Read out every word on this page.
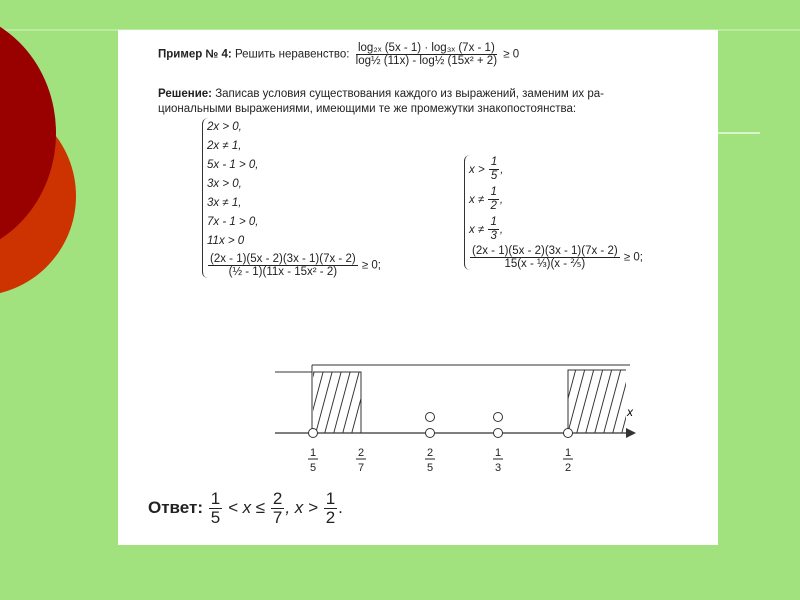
Пример № 4: Решить неравенство: $\frac{\text{log₂ₓ (5x - 1) · log₃ₓ (7x - 1)}}{\text{log½ (11x) - log½ (15x² + 2)}} \ge 0$
Решение: Записав условия существования каждого из выражений, заменим их ра-
циональными выражениями, имеющими те же промежутки знакопостоянства:
2x > 0,
2x ≠ 1,
5x - 1 > 0,
3x > 0,
3x ≠ 1,
7x - 1 > 0,
11x > 0
$\frac{(2x - 1)(5x - 2)(3x - 1)(7x - 2)}{\text{(½ - 1)(11x - 15x² - 2)}} \ge 0$;
$x > \frac{1}{5}$ ,
$x \ne \frac{1}{2}$ ,
$x \ne \frac{1}{3}$ ,
$\frac{(2x - 1)(5x - 2)(3x - 1)(7x - 2)}{\text{15(x - ⅓)(x - ⅖)}} \ge 0$;
x
1
5
2
7
2
5
1
3
1
2
Ответ: $\frac{1}{5} < x \le \frac{2}{7}$ , $x > \frac{1}{2}$ .
